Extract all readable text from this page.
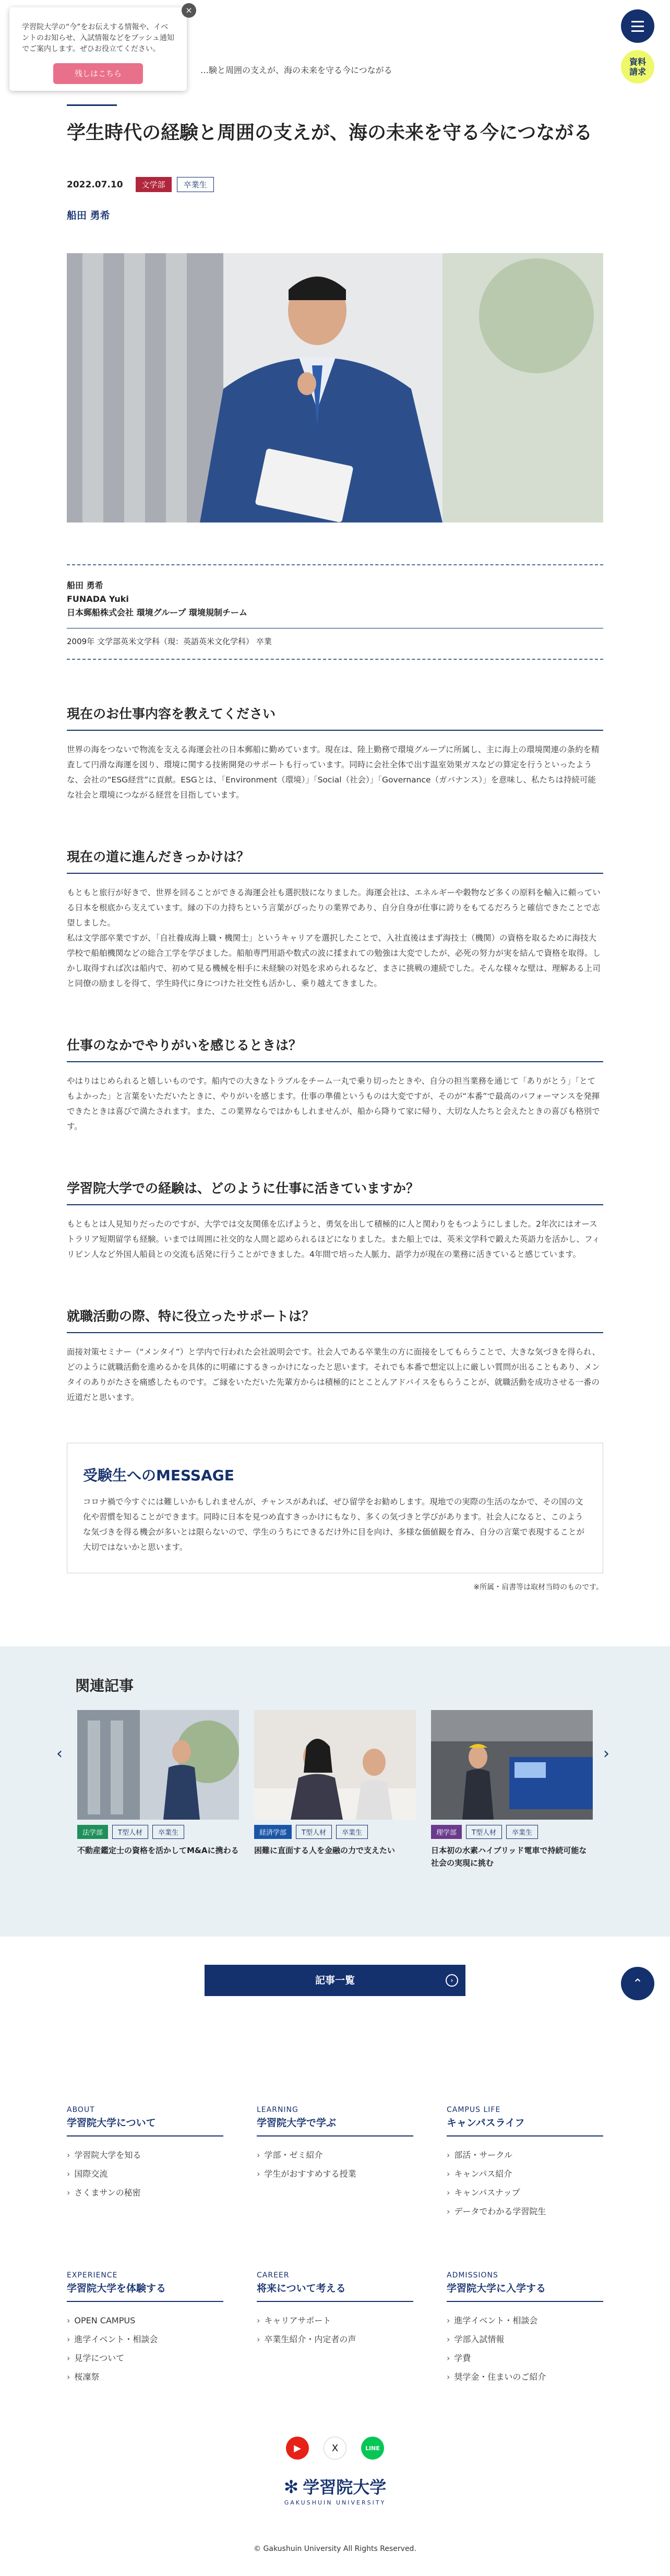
…験と周囲の支えが、海の未来を守る今につながる
×

学習院大学の“今”をお伝えする情報や、イベントのお知らせ、入試情報などをプッシュ通知でご案内します。ぜひお役立てください。

残しはこちら
資料
請求
学生時代の経験と周囲の支えが、海の未来を守る今につながる
2022.07.10	文学部	卒業生
船田 勇希

船田 勇希

FUNADA Yuki

日本郵船株式会社 環境グループ 環境規制チーム

2009年 文学部英米文学科（現：英語英米文化学科） 卒業

現在のお仕事内容を教えてください

世界の海をつないで物流を支える海運会社の日本郵船に勤めています。現在は、陸上勤務で環境グループに所属し、主に海上の環境関連の条約を精査して円滑な海運を図り、環境に関する技術開発のサポートも行っています。同時に会社全体で出す温室効果ガスなどの算定を行うといったような、会社の“ESG経営”に貢献。ESGとは、「Environment（環境）」「Social（社会）」「Governance（ガバナンス）」を意味し、私たちは持続可能な社会と環境につながる経営を目指しています。

現在の道に進んだきっかけは？

もともと旅行が好きで、世界を回ることができる海運会社も選択肢になりました。海運会社は、エネルギーや穀物など多くの原料を輸入に頼っている日本を根底から支えています。縁の下の力持ちという言葉がぴったりの業界であり、自分自身が仕事に誇りをもてるだろうと確信できたことで志望しました。
私は文学部卒業ですが、「自社養成海上職・機関士」というキャリアを選択したことで、入社直後はまず海技士（機関）の資格を取るために海技大学校で船舶機関などの総合工学を学びました。船舶専門用語や数式の波に揉まれての勉強は大変でしたが、必死の努力が実を結んで資格を取得。しかし取得すれば次は船内で、初めて見る機械を相手に未経験の対処を求められるなど、まさに挑戦の連続でした。そんな様々な壁は、理解ある上司と同僚の励ましを得て、学生時代に身につけた社交性も活かし、乗り越えてきました。

仕事のなかでやりがいを感じるときは？

やはりはじめられると嬉しいものです。船内での大きなトラブルをチーム一丸で乗り切ったときや、自分の担当業務を通じて「ありがとう」「とてもよかった」と言葉をいただいたときに、やりがいを感じます。仕事の準備というものは大変ですが、そのが“本番”で最高のパフォーマンスを発揮できたときは喜びで満たされます。また、この業界ならではかもしれませんが、船から降りて家に帰り、大切な人たちと会えたときの喜びも格別です。

学習院大学での経験は、どのように仕事に活きていますか？

もともとは人見知りだったのですが、大学では交友関係を広げようと、勇気を出して積極的に人と関わりをもつようにしました。2年次にはオーストラリア短期留学も経験。いまでは周囲に社交的な人間と認められるほどになりました。また船上では、英米文学科で鍛えた英語力を活かし、フィリピン人など外国人船員との交流も活発に行うことができました。4年間で培った人脈力、語学力が現在の業務に活きていると感じています。

就職活動の際、特に役立ったサポートは？

面接対策セミナー（“メンタイ”）と学内で行われた会社説明会です。社会人である卒業生の方に面接をしてもらうことで、大きな気づきを得られ、どのように就職活動を進めるかを具体的に明確にするきっかけになったと思います。それでも本番で想定以上に厳しい質問が出ることもあり、メンタイのありがたさを痛感したものです。ご縁をいただいた先輩方からは積極的にとことんアドバイスをもらうことが、就職活動を成功させる一番の近道だと思います。

受験生へのMESSAGE

コロナ禍で今すぐには難しいかもしれませんが、チャンスがあれば、ぜひ留学をお勧めします。現地での実際の生活のなかで、その国の文化や習慣を知ることができます。同時に日本を見つめ直すきっかけにもなり、多くの気づきと学びがあります。社会人になると、このような気づきを得る機会が多いとは限らないので、学生のうちにできるだけ外に目を向け、多様な価値観を育み、自分の言葉で表現することが大切ではないかと思います。

※所属・肩書等は取材当時のものです。

関連記事
‹	›
法学部	T型人材	卒業生

不動産鑑定士の資格を活かしてM&Aに携わる

経済学部	T型人材	卒業生

困難に直面する人を金融の力で支えたい

理学部	T型人材	卒業生

日本初の水素ハイブリッド電車で持続可能な社会の実現に挑む

記事一覧	›	⌃

ABOUT

学習院大学について

› 学習院大学を知る
› 国際交流
› さくまサンの秘密

LEARNING

学習院大学で学ぶ

› 学部・ゼミ紹介
› 学生がおすすめする授業

CAMPUS LIFE

キャンパスライフ

› 部活・サークル
› キャンパス紹介
› キャンパスナップ
› データでわかる学習院生

EXPERIENCE

学習院大学を体験する

› OPEN CAMPUS
› 進学イベント・相談会
› 見学について
› 桜凜祭

CAREER

将来について考える

› キャリアサポート
› 卒業生紹介・内定者の声

ADMISSIONS

学習院大学に入学する

› 進学イベント・相談会
› 学部入試情報
› 学費
› 奨学金・住まいのご紹介
▶	X	LINE
✻ 学習院大学
GAKUSHUIN UNIVERSITY

© Gakushuin University All Rights Reserved.
